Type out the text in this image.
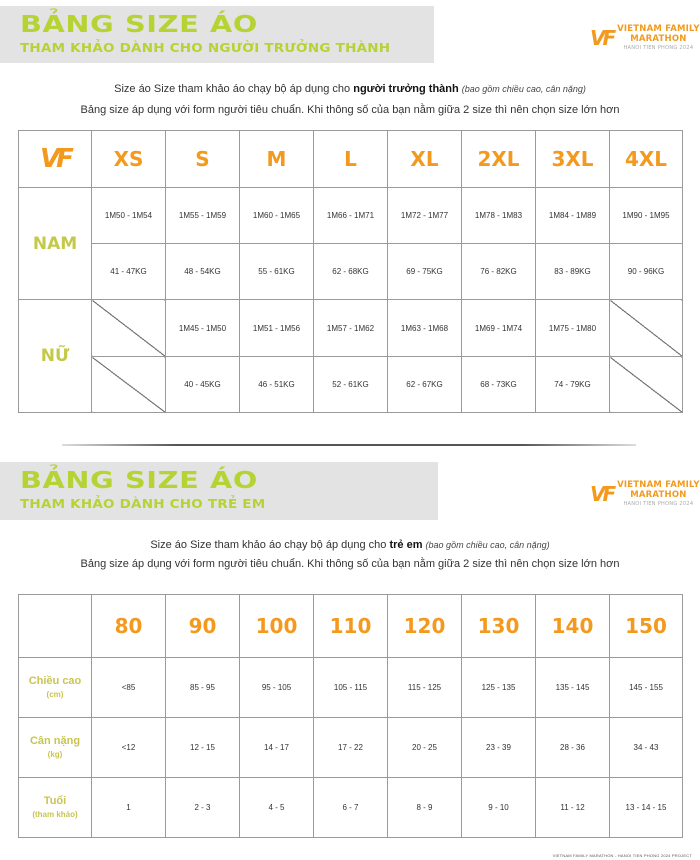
BẢNG SIZE ÁO
THAM KHẢO DÀNH CHO NGƯỜI TRƯỞNG THÀNH	VF VIETNAM FAMILY
MARATHON
HANOI TIEN PHONG 2024
Size áo Size tham khảo áo chạy bộ áp dụng cho người trưởng thành (bao gồm chiều cao, cân nặng)
Bảng size áp dụng với form người tiêu chuẩn. Khi thông số của bạn nằm giữa 2 size thì nên chọn size lớn hơn
VF	XS	S	M	L	XL	2XL	3XL	4XL
NAM	1M50 - 1M54	1M55 - 1M59	1M60 - 1M65	1M66 - 1M71	1M72 - 1M77	1M78 - 1M83	1M84 - 1M89	1M90 - 1M95
	41 - 47KG	48 - 54KG	55 - 61KG	62 - 68KG	69 - 75KG	76 - 82KG	83 - 89KG	90 - 96KG
NỮ		1M45 - 1M50	1M51 - 1M56	1M57 - 1M62	1M63 - 1M68	1M69 - 1M74	1M75 - 1M80	
		40 - 45KG	46 - 51KG	52 - 61KG	62 - 67KG	68 - 73KG	74 - 79KG	
BẢNG SIZE ÁO
THAM KHẢO DÀNH CHO TRẺ EM	VF VIETNAM FAMILY
MARATHON
HANOI TIEN PHONG 2024
Size áo Size tham khảo áo chạy bộ áp dụng cho trẻ em (bao gồm chiều cao, cân nặng)
Bảng size áp dụng với form người tiêu chuẩn. Khi thông số của bạn nằm giữa 2 size thì nên chọn size lớn hơn
	80	90	100	110	120	130	140	150
Chiều cao
(cm)	<85	85 - 95	95 - 105	105 - 115	115 - 125	125 - 135	135 - 145	145 - 155
Cân nặng
(kg)	<12	12 - 15	14 - 17	17 - 22	20 - 25	23 - 39	28 - 36	34 - 43
Tuổi
(tham khảo)	1	2 - 3	4 - 5	6 - 7	8 - 9	9 - 10	11 - 12	13 - 14 - 15
VIETNAM FAMILY MARATHON - HANOI TIEN PHONG 2024 PROJECT
